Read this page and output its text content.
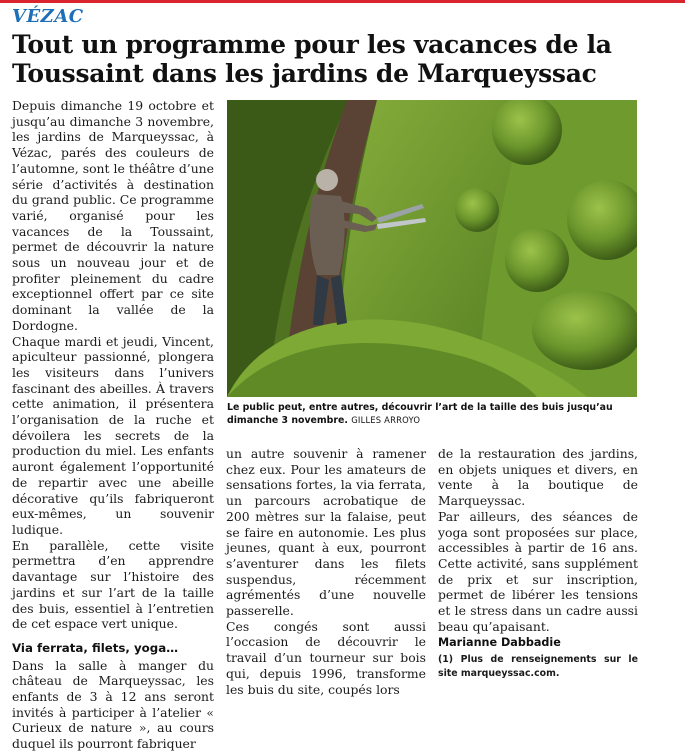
VÉZAC
Tout un programme pour les vacances de la Toussaint dans les jardins de Marqueyssac

Depuis dimanche 19 octobre et jusqu’au dimanche 3 novembre, les jardins de Marqueyssac, à Vézac, parés des couleurs de l’automne, sont le théâtre d’une série d’activités à destination du grand public. Ce programme varié, organisé pour les vacances de la Toussaint, permet de découvrir la nature sous un nouveau jour et de profiter pleinement du cadre exceptionnel offert par ce site dominant la vallée de la Dordogne.

Chaque mardi et jeudi, Vincent, apiculteur passionné, plongera les visiteurs dans l’univers fascinant des abeilles. À travers cette animation, il présentera l’organisation de la ruche et dévoilera les secrets de la production du miel. Les enfants auront également l’opportunité de repartir avec une abeille décorative qu’ils fabriqueront eux-mêmes, un souvenir ludique.

En parallèle, cette visite permettra d’en apprendre davantage sur l’histoire des jardins et sur l’art de la taille des buis, essentiel à l’entretien de cet espace vert unique.

Via ferrata, filets, yoga…

Dans la salle à manger du château de Marqueyssac, les enfants de 3 à 12 ans seront invités à participer à l’atelier « Curieux de nature », au cours duquel ils pourront fabriquer

Le public peut, entre autres, découvrir l’art de la taille des buis jusqu’au dimanche 3 novembre. GILLES ARROYO

un autre souvenir à ramener chez eux. Pour les amateurs de sensations fortes, la via ferrata, un parcours acrobatique de 200 mètres sur la falaise, peut se faire en autonomie. Les plus jeunes, quant à eux, pourront s’aventurer dans les filets suspendus, récemment agrémentés d’une nouvelle passerelle.

Ces congés sont aussi l’occasion de découvrir le travail d’un tourneur sur bois qui, depuis 1996, transforme les buis du site, coupés lors

de la restauration des jardins, en objets uniques et divers, en vente à la boutique de Marqueyssac.

Par ailleurs, des séances de yoga sont proposées sur place, accessibles à partir de 16 ans. Cette activité, sans supplément de prix et sur inscription, permet de libérer les tensions et le stress dans un cadre aussi beau qu’apaisant.

Marianne Dabbadie

(1) Plus de renseignements sur le site marqueyssac.com.
